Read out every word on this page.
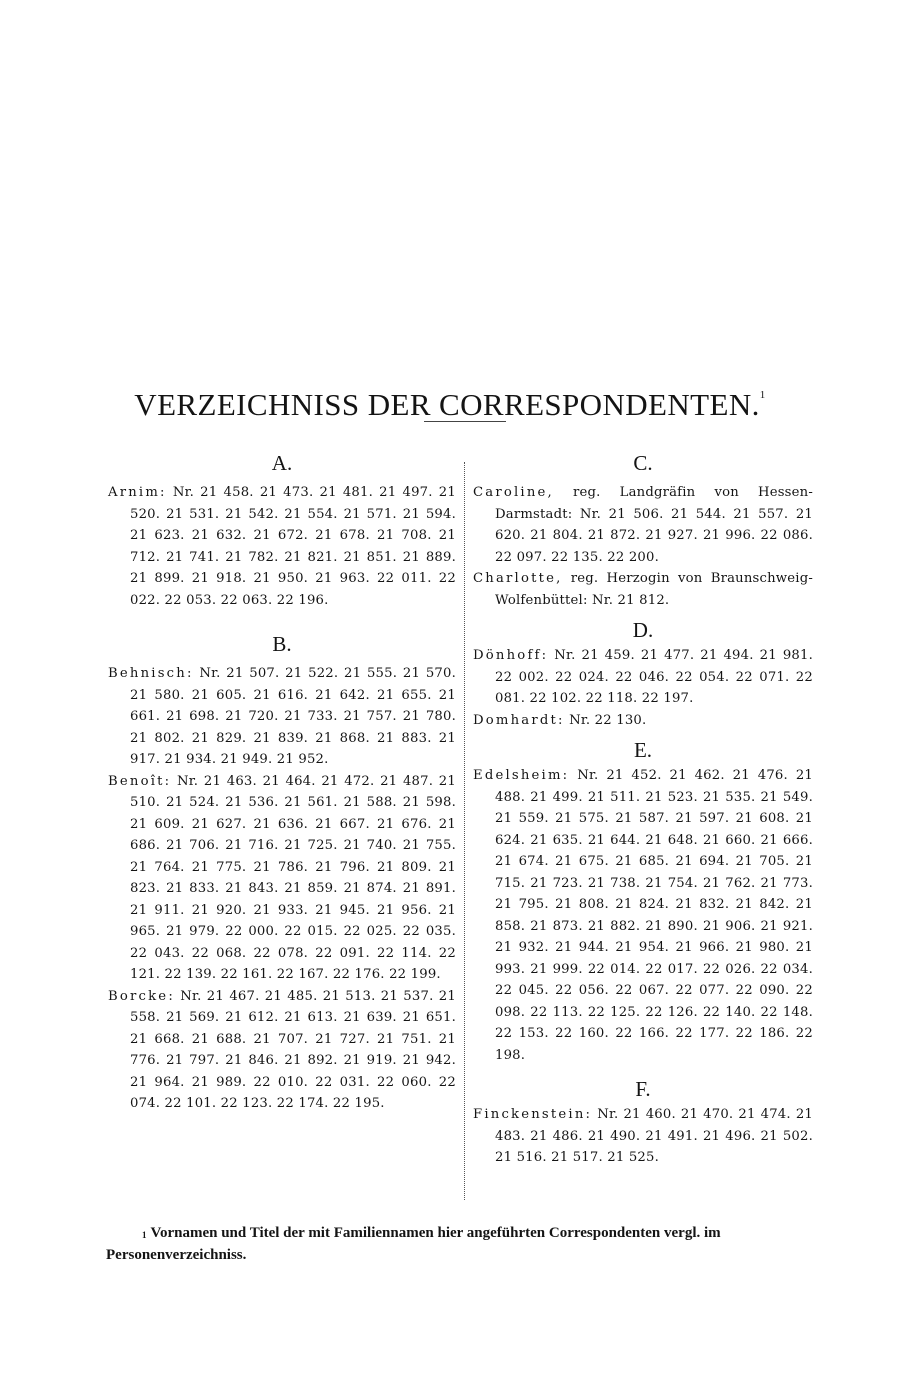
VERZEICHNISS DER CORRESPONDENTEN.$^1$
A.

Arnim: Nr. 21 458. 21 473. 21 481. 21 497. 21 520. 21 531. 21 542. 21 554. 21 571. 21 594. 21 623. 21 632. 21 672. 21 678. 21 708. 21 712. 21 741. 21 782. 21 821. 21 851. 21 889. 21 899. 21 918. 21 950. 21 963. 22 011. 22 022. 22 053. 22 063. 22 196.

B.

Behnisch: Nr. 21 507. 21 522. 21 555. 21 570. 21 580. 21 605. 21 616. 21 642. 21 655. 21 661. 21 698. 21 720. 21 733. 21 757. 21 780. 21 802. 21 829. 21 839. 21 868. 21 883. 21 917. 21 934. 21 949. 21 952.

Benoît: Nr. 21 463. 21 464. 21 472. 21 487. 21 510. 21 524. 21 536. 21 561. 21 588. 21 598. 21 609. 21 627. 21 636. 21 667. 21 676. 21 686. 21 706. 21 716. 21 725. 21 740. 21 755. 21 764. 21 775. 21 786. 21 796. 21 809. 21 823. 21 833. 21 843. 21 859. 21 874. 21 891. 21 911. 21 920. 21 933. 21 945. 21 956. 21 965. 21 979. 22 000. 22 015. 22 025. 22 035. 22 043. 22 068. 22 078. 22 091. 22 114. 22 121. 22 139. 22 161. 22 167. 22 176. 22 199.

Borcke: Nr. 21 467. 21 485. 21 513. 21 537. 21 558. 21 569. 21 612. 21 613. 21 639. 21 651. 21 668. 21 688. 21 707. 21 727. 21 751. 21 776. 21 797. 21 846. 21 892. 21 919. 21 942. 21 964. 21 989. 22 010. 22 031. 22 060. 22 074. 22 101. 22 123. 22 174. 22 195.

C.

Caroline, reg. Landgräfin von Hessen-Darmstadt: Nr. 21 506. 21 544. 21 557. 21 620. 21 804. 21 872. 21 927. 21 996. 22 086. 22 097. 22 135. 22 200.

Charlotte, reg. Herzogin von Braunschweig-Wolfenbüttel: Nr. 21 812.

D.

Dönhoff: Nr. 21 459. 21 477. 21 494. 21 981. 22 002. 22 024. 22 046. 22 054. 22 071. 22 081. 22 102. 22 118. 22 197.

Domhardt: Nr. 22 130.

E.

Edelsheim: Nr. 21 452. 21 462. 21 476. 21 488. 21 499. 21 511. 21 523. 21 535. 21 549. 21 559. 21 575. 21 587. 21 597. 21 608. 21 624. 21 635. 21 644. 21 648. 21 660. 21 666. 21 674. 21 675. 21 685. 21 694. 21 705. 21 715. 21 723. 21 738. 21 754. 21 762. 21 773. 21 795. 21 808. 21 824. 21 832. 21 842. 21 858. 21 873. 21 882. 21 890. 21 906. 21 921. 21 932. 21 944. 21 954. 21 966. 21 980. 21 993. 21 999. 22 014. 22 017. 22 026. 22 034. 22 045. 22 056. 22 067. 22 077. 22 090. 22 098. 22 113. 22 125. 22 126. 22 140. 22 148. 22 153. 22 160. 22 166. 22 177. 22 186. 22 198.

F.

Finckenstein: Nr. 21 460. 21 470. 21 474. 21 483. 21 486. 21 490. 21 491. 21 496. 21 502. 21 516. 21 517. 21 525.

$^1$ Vornamen und Titel der mit Familiennamen hier angeführten Correspondenten vergl. im Personenverzeichniss.
